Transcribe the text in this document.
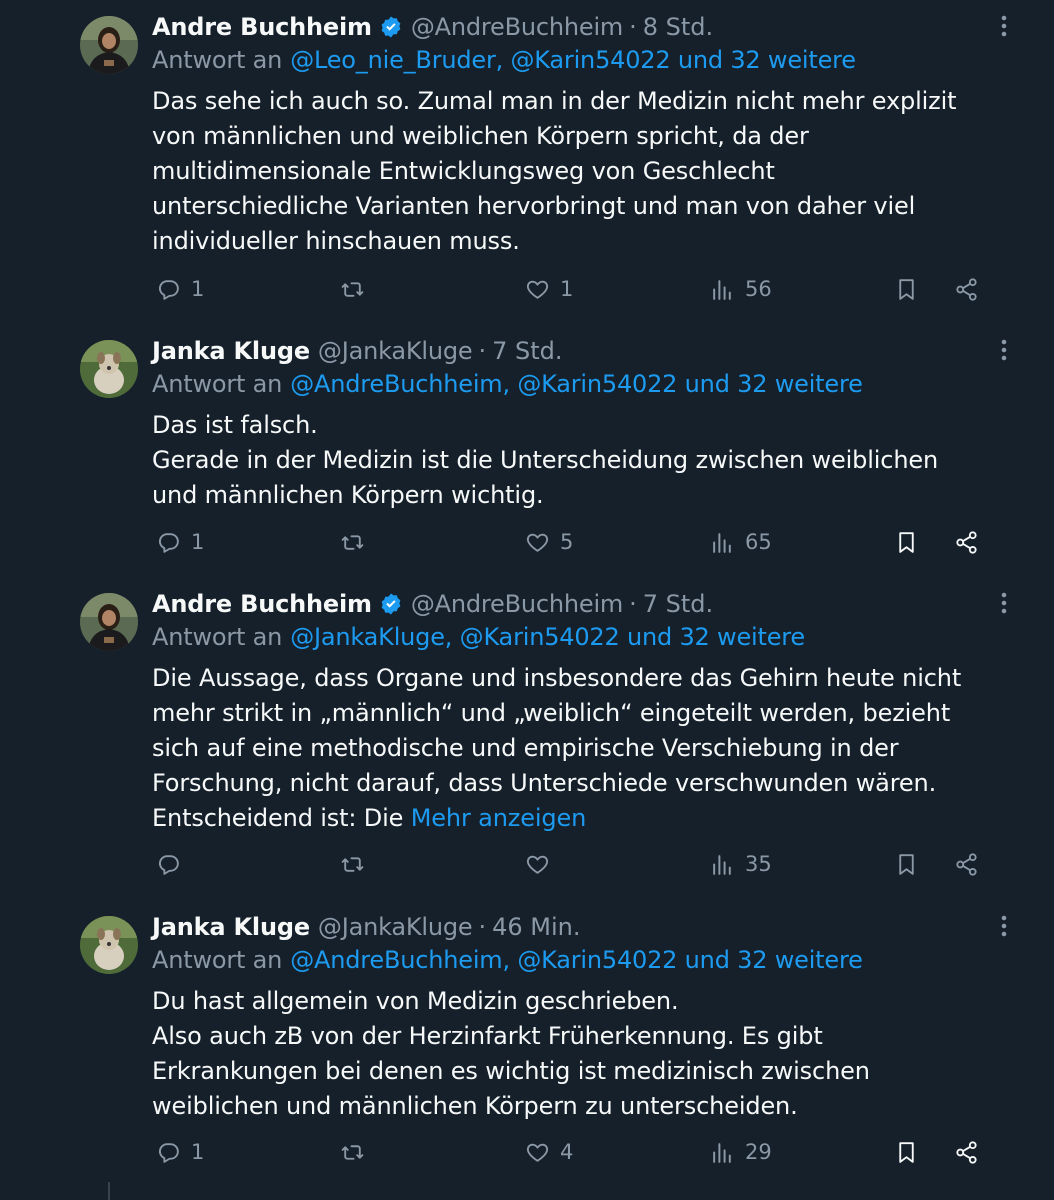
Andre Buchheim @AndreBuchheim · 8 Std.
Antwort an @Leo_nie_Bruder, @Karin54022 und 32 weitere
Das sehe ich auch so. Zumal man in der Medizin nicht mehr explizit
von männlichen und weiblichen Körpern spricht, da der
multidimensionale Entwicklungsweg von Geschlecht
unterschiedliche Varianten hervorbringt und man von daher viel
individueller hinschauen muss.
1	1	56
Janka Kluge @JankaKluge · 7 Std.
Antwort an @AndreBuchheim, @Karin54022 und 32 weitere
Das ist falsch.
Gerade in der Medizin ist die Unterscheidung zwischen weiblichen
und männlichen Körpern wichtig.
1	5	65
Andre Buchheim @AndreBuchheim · 7 Std.
Antwort an @JankaKluge, @Karin54022 und 32 weitere
Die Aussage, dass Organe und insbesondere das Gehirn heute nicht
mehr strikt in „männlich“ und „weiblich“ eingeteilt werden, bezieht
sich auf eine methodische und empirische Verschiebung in der
Forschung, nicht darauf, dass Unterschiede verschwunden wären.
Entscheidend ist: Die Mehr anzeigen
35
Janka Kluge @JankaKluge · 46 Min.
Antwort an @AndreBuchheim, @Karin54022 und 32 weitere
Du hast allgemein von Medizin geschrieben.
Also auch zB von der Herzinfarkt Früherkennung. Es gibt
Erkrankungen bei denen es wichtig ist medizinisch zwischen
weiblichen und männlichen Körpern zu unterscheiden.
1	4	29
